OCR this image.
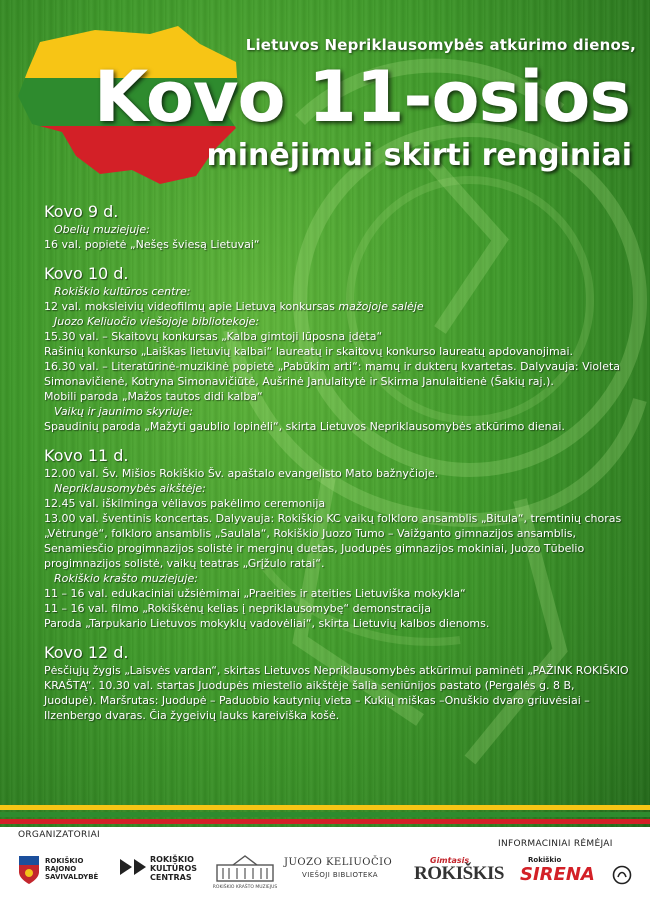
Lietuvos Nepriklausomybės atkūrimo dienos,
Kovo 11-osios
minėjimui skirti renginiai
Kovo 9 d.
Obelių muziejuje:
16 val. popietė „Nešęs šviesą Lietuvai“
Kovo 10 d.
Rokiškio kultūros centre:
12 val. moksleivių videofilmų apie Lietuvą konkursas mažojoje salėje
Juozo Keliuočio viešojoje bibliotekoje:
15.30 val. – Skaitovų konkursas „Kalba gimtoji lūposna įdėta“
Rašinių konkurso „Laiškas lietuvių kalbai“ laureatų ir skaitovų konkurso laureatų apdovanojimai.
16.30 val. – Literatūrinė-muzikinė popietė „Pabūkim arti“: mamų ir dukterų kvartetas. Dalyvauja: Violeta Simonavičienė, Kotryna Simonavičiūtė, Aušrinė Janulaitytė ir Skirma Janulaitienė (Šakių raj.).
Mobili paroda „Mažos tautos didi kalba“
Vaikų ir jaunimo skyriuje:
Spaudinių paroda „Mažyti gaublio lopinėli“, skirta Lietuvos Nepriklausomybės atkūrimo dienai.
Kovo 11 d.
12.00 val. Šv. Mišios Rokiškio Šv. apaštalo evangelisto Mato bažnyčioje.
Nepriklausomybės aikštėje:
12.45 val. iškilminga vėliavos pakėlimo ceremonija
13.00 val. šventinis koncertas. Dalyvauja: Rokiškio KC vaikų folkloro ansamblis „Bitula“, tremtinių choras „Vėtrungė“, folkloro ansamblis „Saulala“, Rokiškio Juozo Tumo – Vaižganto gimnazijos ansamblis, Senamiesčio progimnazijos solistė ir merginų duetas, Juodupės gimnazijos mokiniai, Juozo Tūbelio progimnazijos solistė, vaikų teatras „Grįžulo ratai“.
Rokiškio krašto muziejuje:
11 – 16 val. edukaciniai užsiėmimai „Praeities ir ateities Lietuviška mokykla“
11 – 16 val. filmo „Rokiškėnų kelias į nepriklausomybę“ demonstracija
Paroda „Tarpukario Lietuvos mokyklų vadovėliai“, skirta Lietuvių kalbos dienoms.
Kovo 12 d.
Pėsčiųjų žygis „Laisvės vardan“, skirtas Lietuvos Nepriklausomybės atkūrimui paminėti „PAŽINK ROKIŠKIO KRAŠTĄ“. 10.30 val. startas Juodupės miestelio aikštėje šalia seniūnijos pastato (Pergalės g. 8 B, Juodupė). Maršrutas: Juodupė – Paduobio kautynių vieta – Kukių miškas –Onuškio dvaro griuvėsiai – Ilzenbergo dvaras. Čia žygeivių lauks kareiviška košė.
ORGANIZATORIAI
INFORMACINIAI RĖMĖJAI
ROKIŠKIO
RAJONO
SAVIVALDYBĖ
ROKIŠKIO
KULTŪROS
CENTRAS
ROKIŠKIO KRAŠTO MUZIEJUS
JUOZO KELIUOČIO
VIEŠOJI BIBLIOTEKA
Gimtasis
ROKIŠKIS
Rokiškio
SIRENA
